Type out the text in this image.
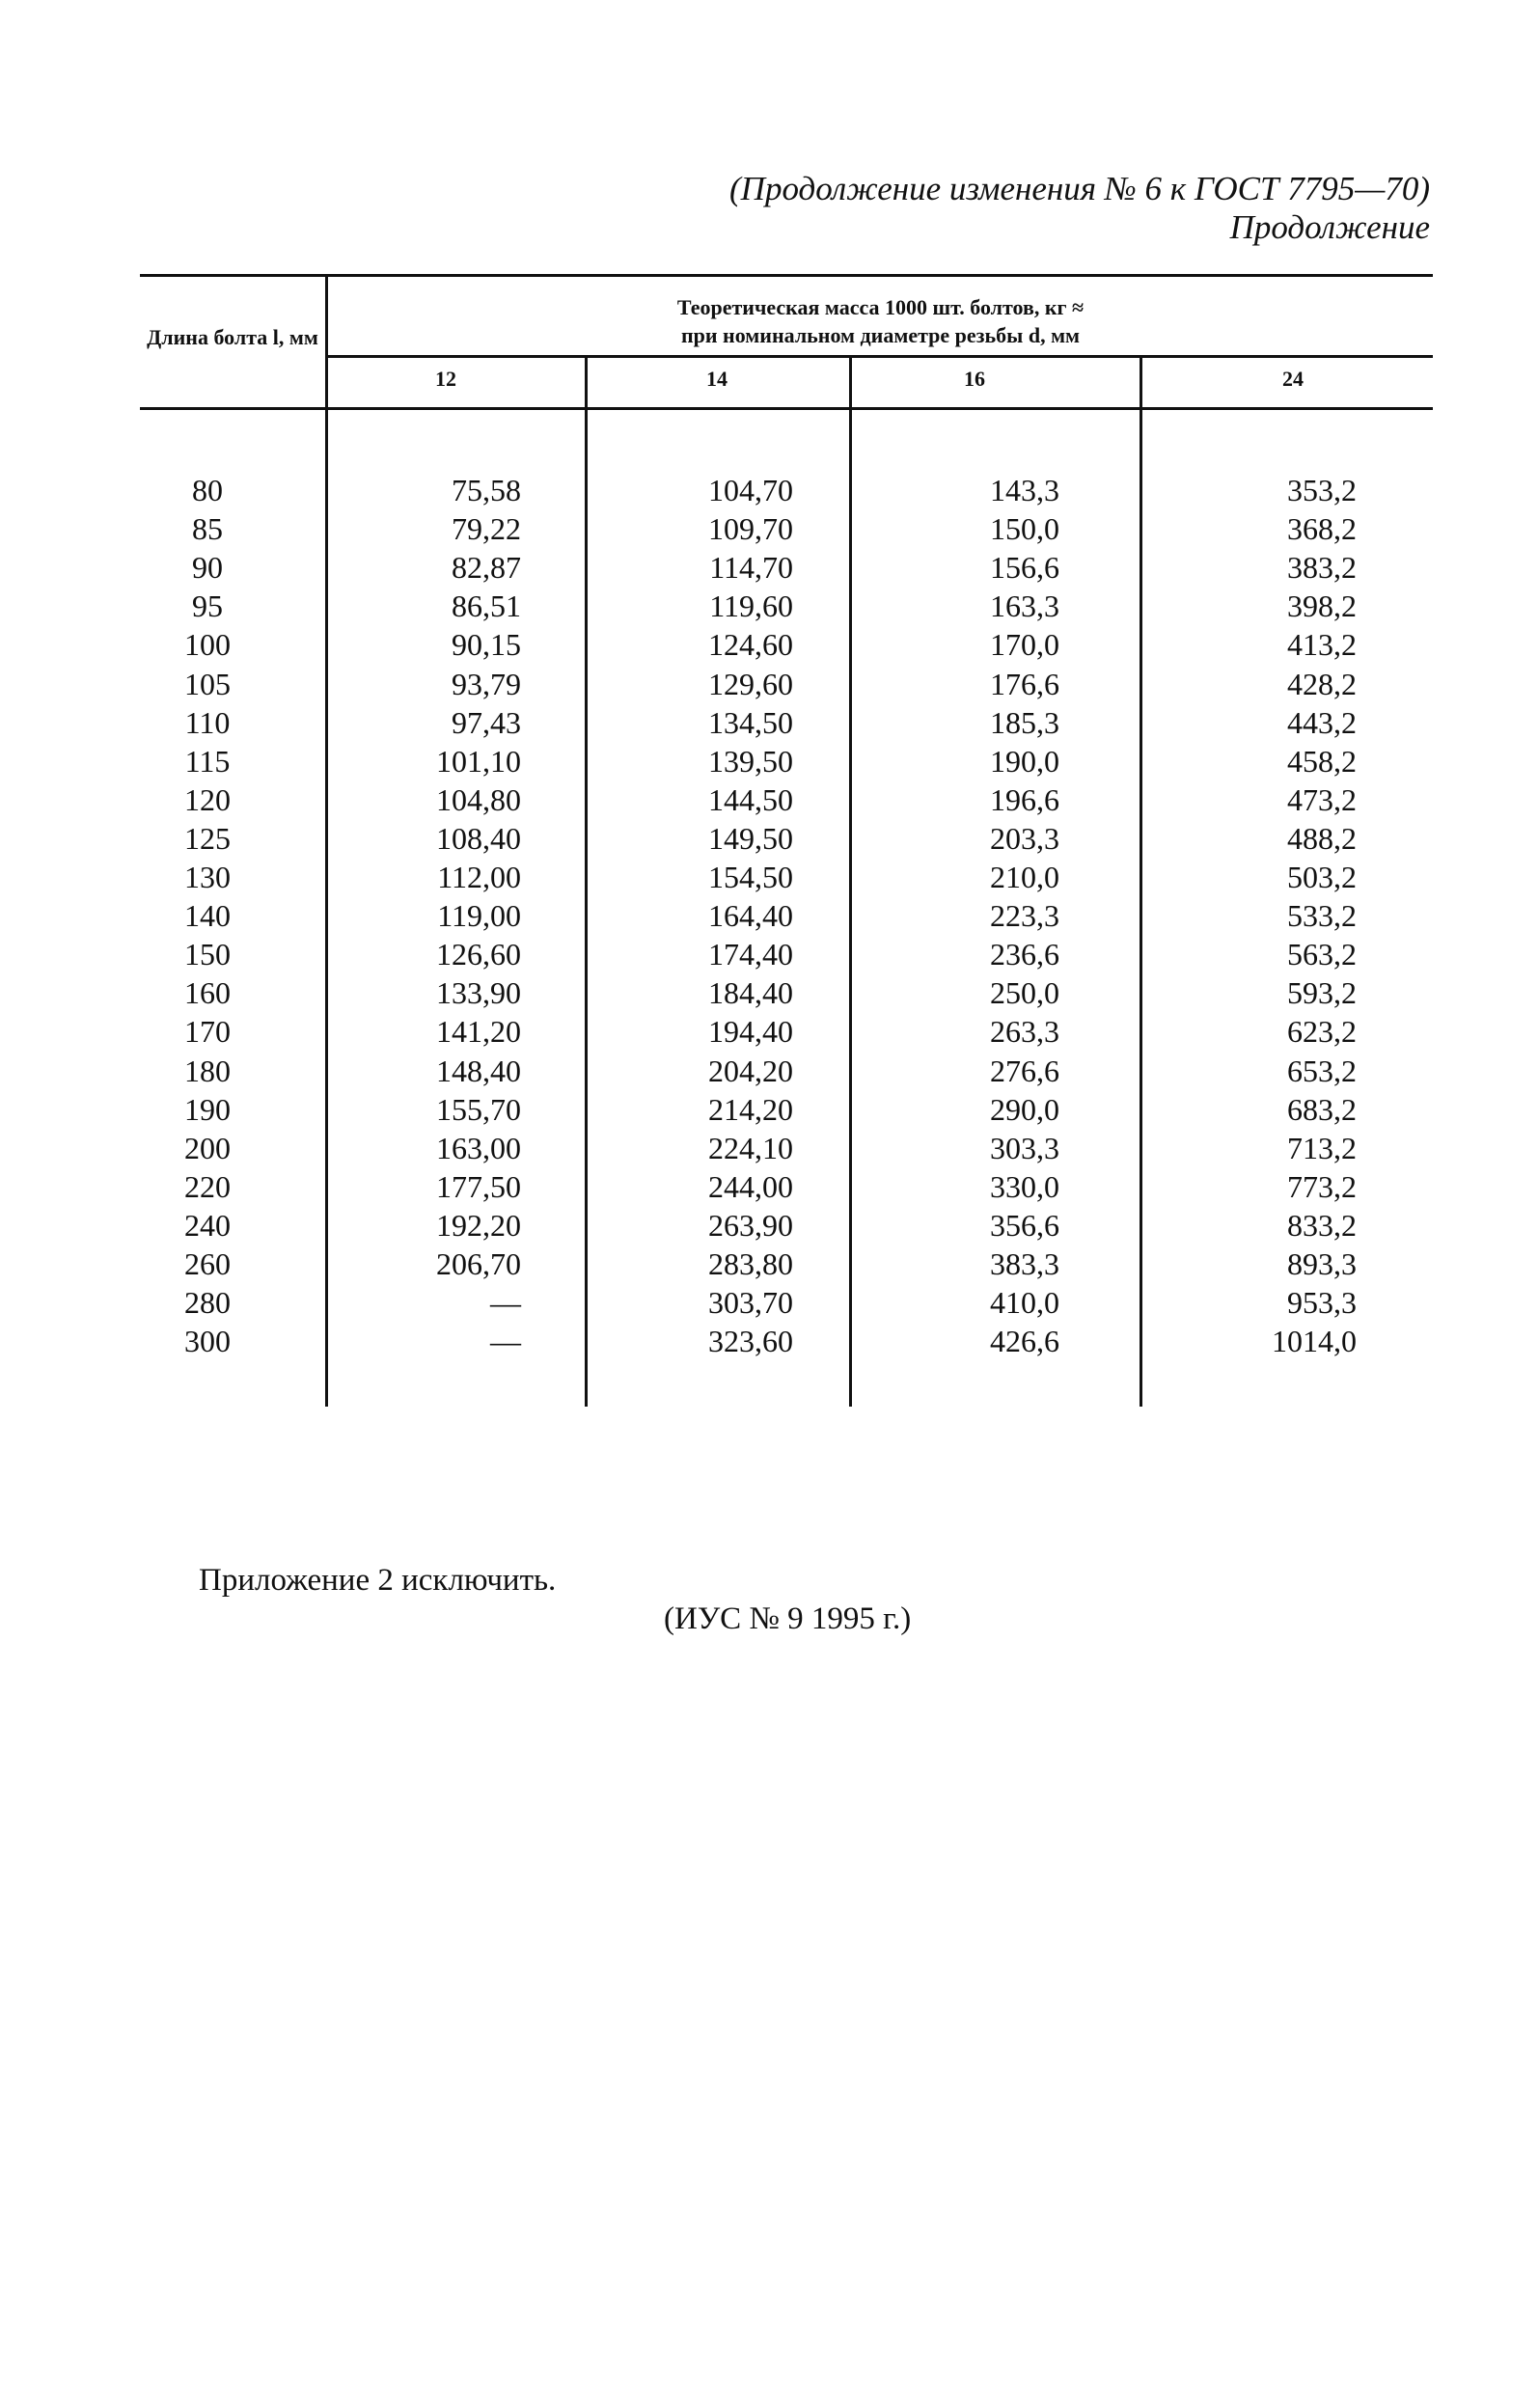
(Продолжение изменения № 6 к ГОСТ 7795—70)
Продолжение
Длина болта l, мм
Теоретическая масса 1000 шт. болтов, кг ≈
при номинальном диаметре резьбы d, мм
12	14	16	24
80	75,58	104,70	143,3	353,2
85	79,22	109,70	150,0	368,2
90	82,87	114,70	156,6	383,2
95	86,51	119,60	163,3	398,2
100	90,15	124,60	170,0	413,2
105	93,79	129,60	176,6	428,2
110	97,43	134,50	185,3	443,2
115	101,10	139,50	190,0	458,2
120	104,80	144,50	196,6	473,2
125	108,40	149,50	203,3	488,2
130	112,00	154,50	210,0	503,2
140	119,00	164,40	223,3	533,2
150	126,60	174,40	236,6	563,2
160	133,90	184,40	250,0	593,2
170	141,20	194,40	263,3	623,2
180	148,40	204,20	276,6	653,2
190	155,70	214,20	290,0	683,2
200	163,00	224,10	303,3	713,2
220	177,50	244,00	330,0	773,2
240	192,20	263,90	356,6	833,2
260	206,70	283,80	383,3	893,3
280	—	303,70	410,0	953,3
300	—	323,60	426,6	1014,0
Приложение 2 исключить.
(ИУС № 9 1995 г.)
